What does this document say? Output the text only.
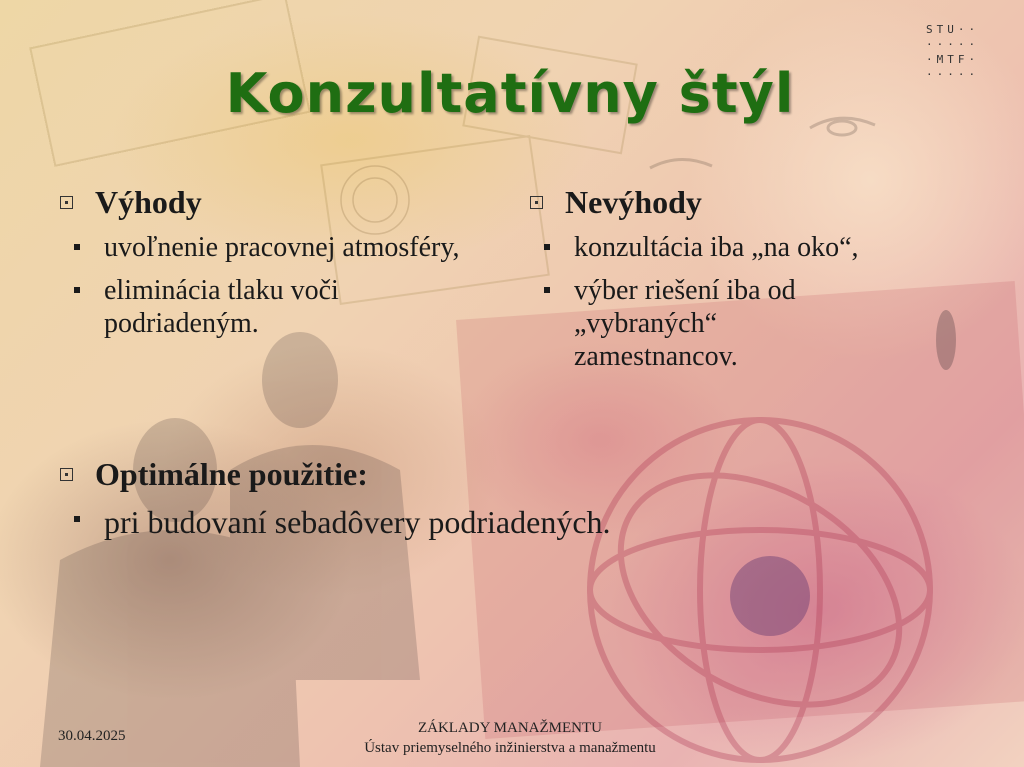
STU··
·····
·MTF·
·····
Konzultatívny štýl
Výhody
uvoľnenie pracovnej atmosféry,
eliminácia tlaku voči podriadeným.
Nevýhody
konzultácia iba „na oko“,
výber riešení iba od „vybraných“ zamestnancov.
Optimálne použitie:
pri budovaní sebadôvery podriadených.
30.04.2025	ZÁKLADY MANAŽMENTU
Ústav priemyselného inžinierstva a manažmentu
